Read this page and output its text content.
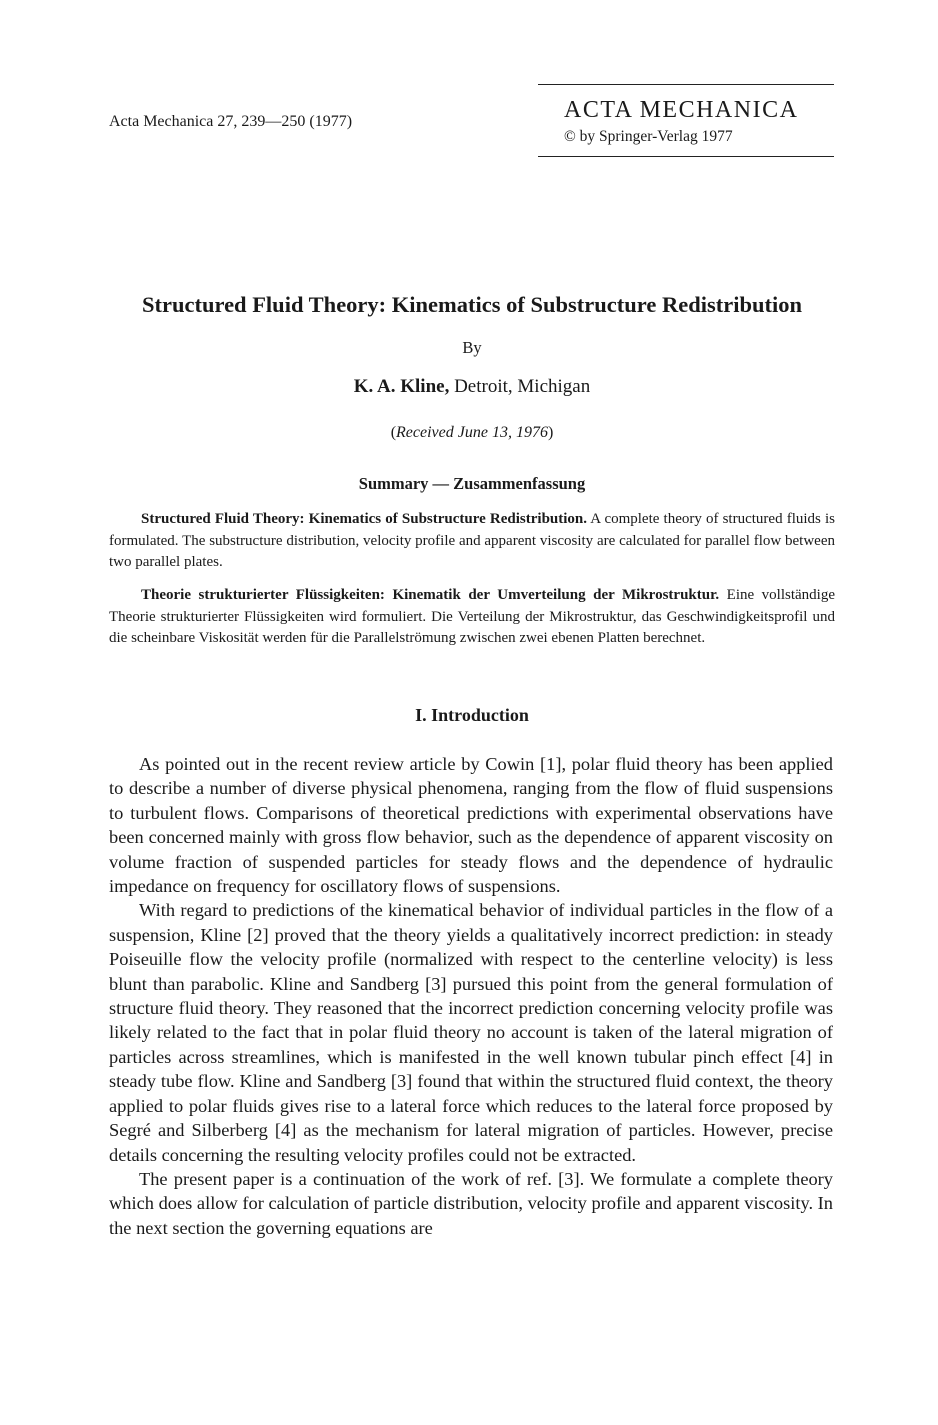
Acta Mechanica 27, 239—250 (1977)	ACTA MECHANICA
© by Springer-Verlag 1977
Structured Fluid Theory: Kinematics of Substructure Redistribution
By
K. A. Kline, Detroit, Michigan
(Received June 13, 1976)
Summary — Zusammenfassung

Structured Fluid Theory: Kinematics of Substructure Redistribution. A complete theory of structured fluids is formulated. The substructure distribution, velocity profile and apparent viscosity are calculated for parallel flow between two parallel plates.

Theorie strukturierter Flüssigkeiten: Kinematik der Umverteilung der Mikrostruktur. Eine vollständige Theorie strukturierter Flüssigkeiten wird formuliert. Die Verteilung der Mikrostruktur, das Geschwindigkeitsprofil und die scheinbare Viskosität werden für die Parallelströmung zwischen zwei ebenen Platten berechnet.

I. Introduction

As pointed out in the recent review article by Cowin [1], polar fluid theory has been applied to describe a number of diverse physical phenomena, ranging from the flow of fluid suspensions to turbulent flows. Comparisons of theoretical predictions with experimental observations have been concerned mainly with gross flow behavior, such as the dependence of apparent viscosity on volume fraction of suspended particles for steady flows and the dependence of hydraulic impedance on frequency for oscillatory flows of suspensions.

With regard to predictions of the kinematical behavior of individual particles in the flow of a suspension, Kline [2] proved that the theory yields a qualitatively incorrect prediction: in steady Poiseuille flow the velocity profile (normalized with respect to the centerline velocity) is less blunt than parabolic. Kline and Sandberg [3] pursued this point from the general formulation of structure fluid theory. They reasoned that the incorrect prediction concerning velocity profile was likely related to the fact that in polar fluid theory no account is taken of the lateral migration of particles across streamlines, which is manifested in the well known tubular pinch effect [4] in steady tube flow. Kline and Sandberg [3] found that within the structured fluid context, the theory applied to polar fluids gives rise to a lateral force which reduces to the lateral force proposed by Segré and Silberberg [4] as the mechanism for lateral migration of particles. However, precise details concerning the resulting velocity profiles could not be extracted.

The present paper is a continuation of the work of ref. [3]. We formulate a complete theory which does allow for calculation of particle distribution, velocity profile and apparent viscosity. In the next section the governing equations are
